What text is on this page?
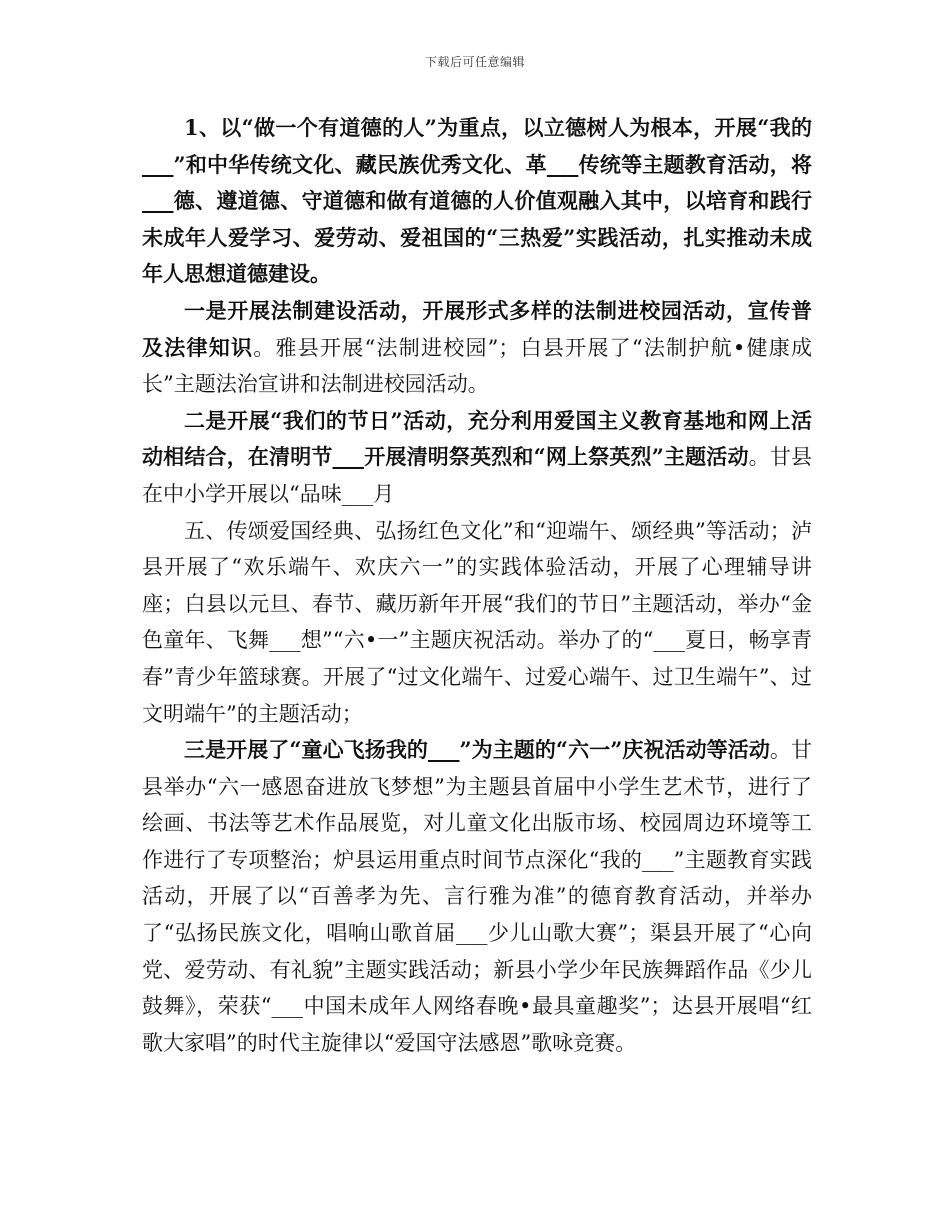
下载后可任意编辑

1、以“做一个有道德的人”为重点，以立德树人为根本，开展“我的___”和中华传统文化、藏民族优秀文化、革___传统等主题教育活动，将___德、遵道德、守道德和做有道德的人价值观融入其中，以培育和践行未成年人爱学习、爱劳动、爱祖国的“三热爱”实践活动，扎实推动未成年人思想道德建设。

一是开展法制建设活动，开展形式多样的法制进校园活动，宣传普及法律知识。雅县开展“法制进校园”；白县开展了“法制护航•健康成长”主题法治宣讲和法制进校园活动。

二是开展“我们的节日”活动，充分利用爱国主义教育基地和网上活动相结合，在清明节___开展清明祭英烈和“网上祭英烈”主题活动。甘县在中小学开展以“品味___月

五、传颂爱国经典、弘扬红色文化”和“迎端午、颂经典”等活动；泸县开展了“欢乐端午、欢庆六一”的实践体验活动，开展了心理辅导讲座；白县以元旦、春节、藏历新年开展“我们的节日”主题活动，举办“金色童年、飞舞___想”“六•一”主题庆祝活动。举办了的“___夏日，畅享青春”青少年篮球赛。开展了“过文化端午、过爱心端午、过卫生端午”、过文明端午”的主题活动；

三是开展了“童心飞扬我的___”为主题的“六一”庆祝活动等活动。甘县举办“六一感恩奋进放飞梦想”为主题县首届中小学生艺术节，进行了绘画、书法等艺术作品展览，对儿童文化出版市场、校园周边环境等工作进行了专项整治；炉县运用重点时间节点深化“我的___”主题教育实践活动，开展了以“百善孝为先、言行雅为准”的德育教育活动，并举办了“弘扬民族文化，唱响山歌首届___少儿山歌大赛”；渠县开展了“心向党、爱劳动、有礼貌”主题实践活动；新县小学少年民族舞蹈作品《少儿鼓舞》，荣获“___中国未成年人网络春晚•最具童趣奖”；达县开展唱“红歌大家唱”的时代主旋律以“爱国守法感恩”歌咏竞赛。
